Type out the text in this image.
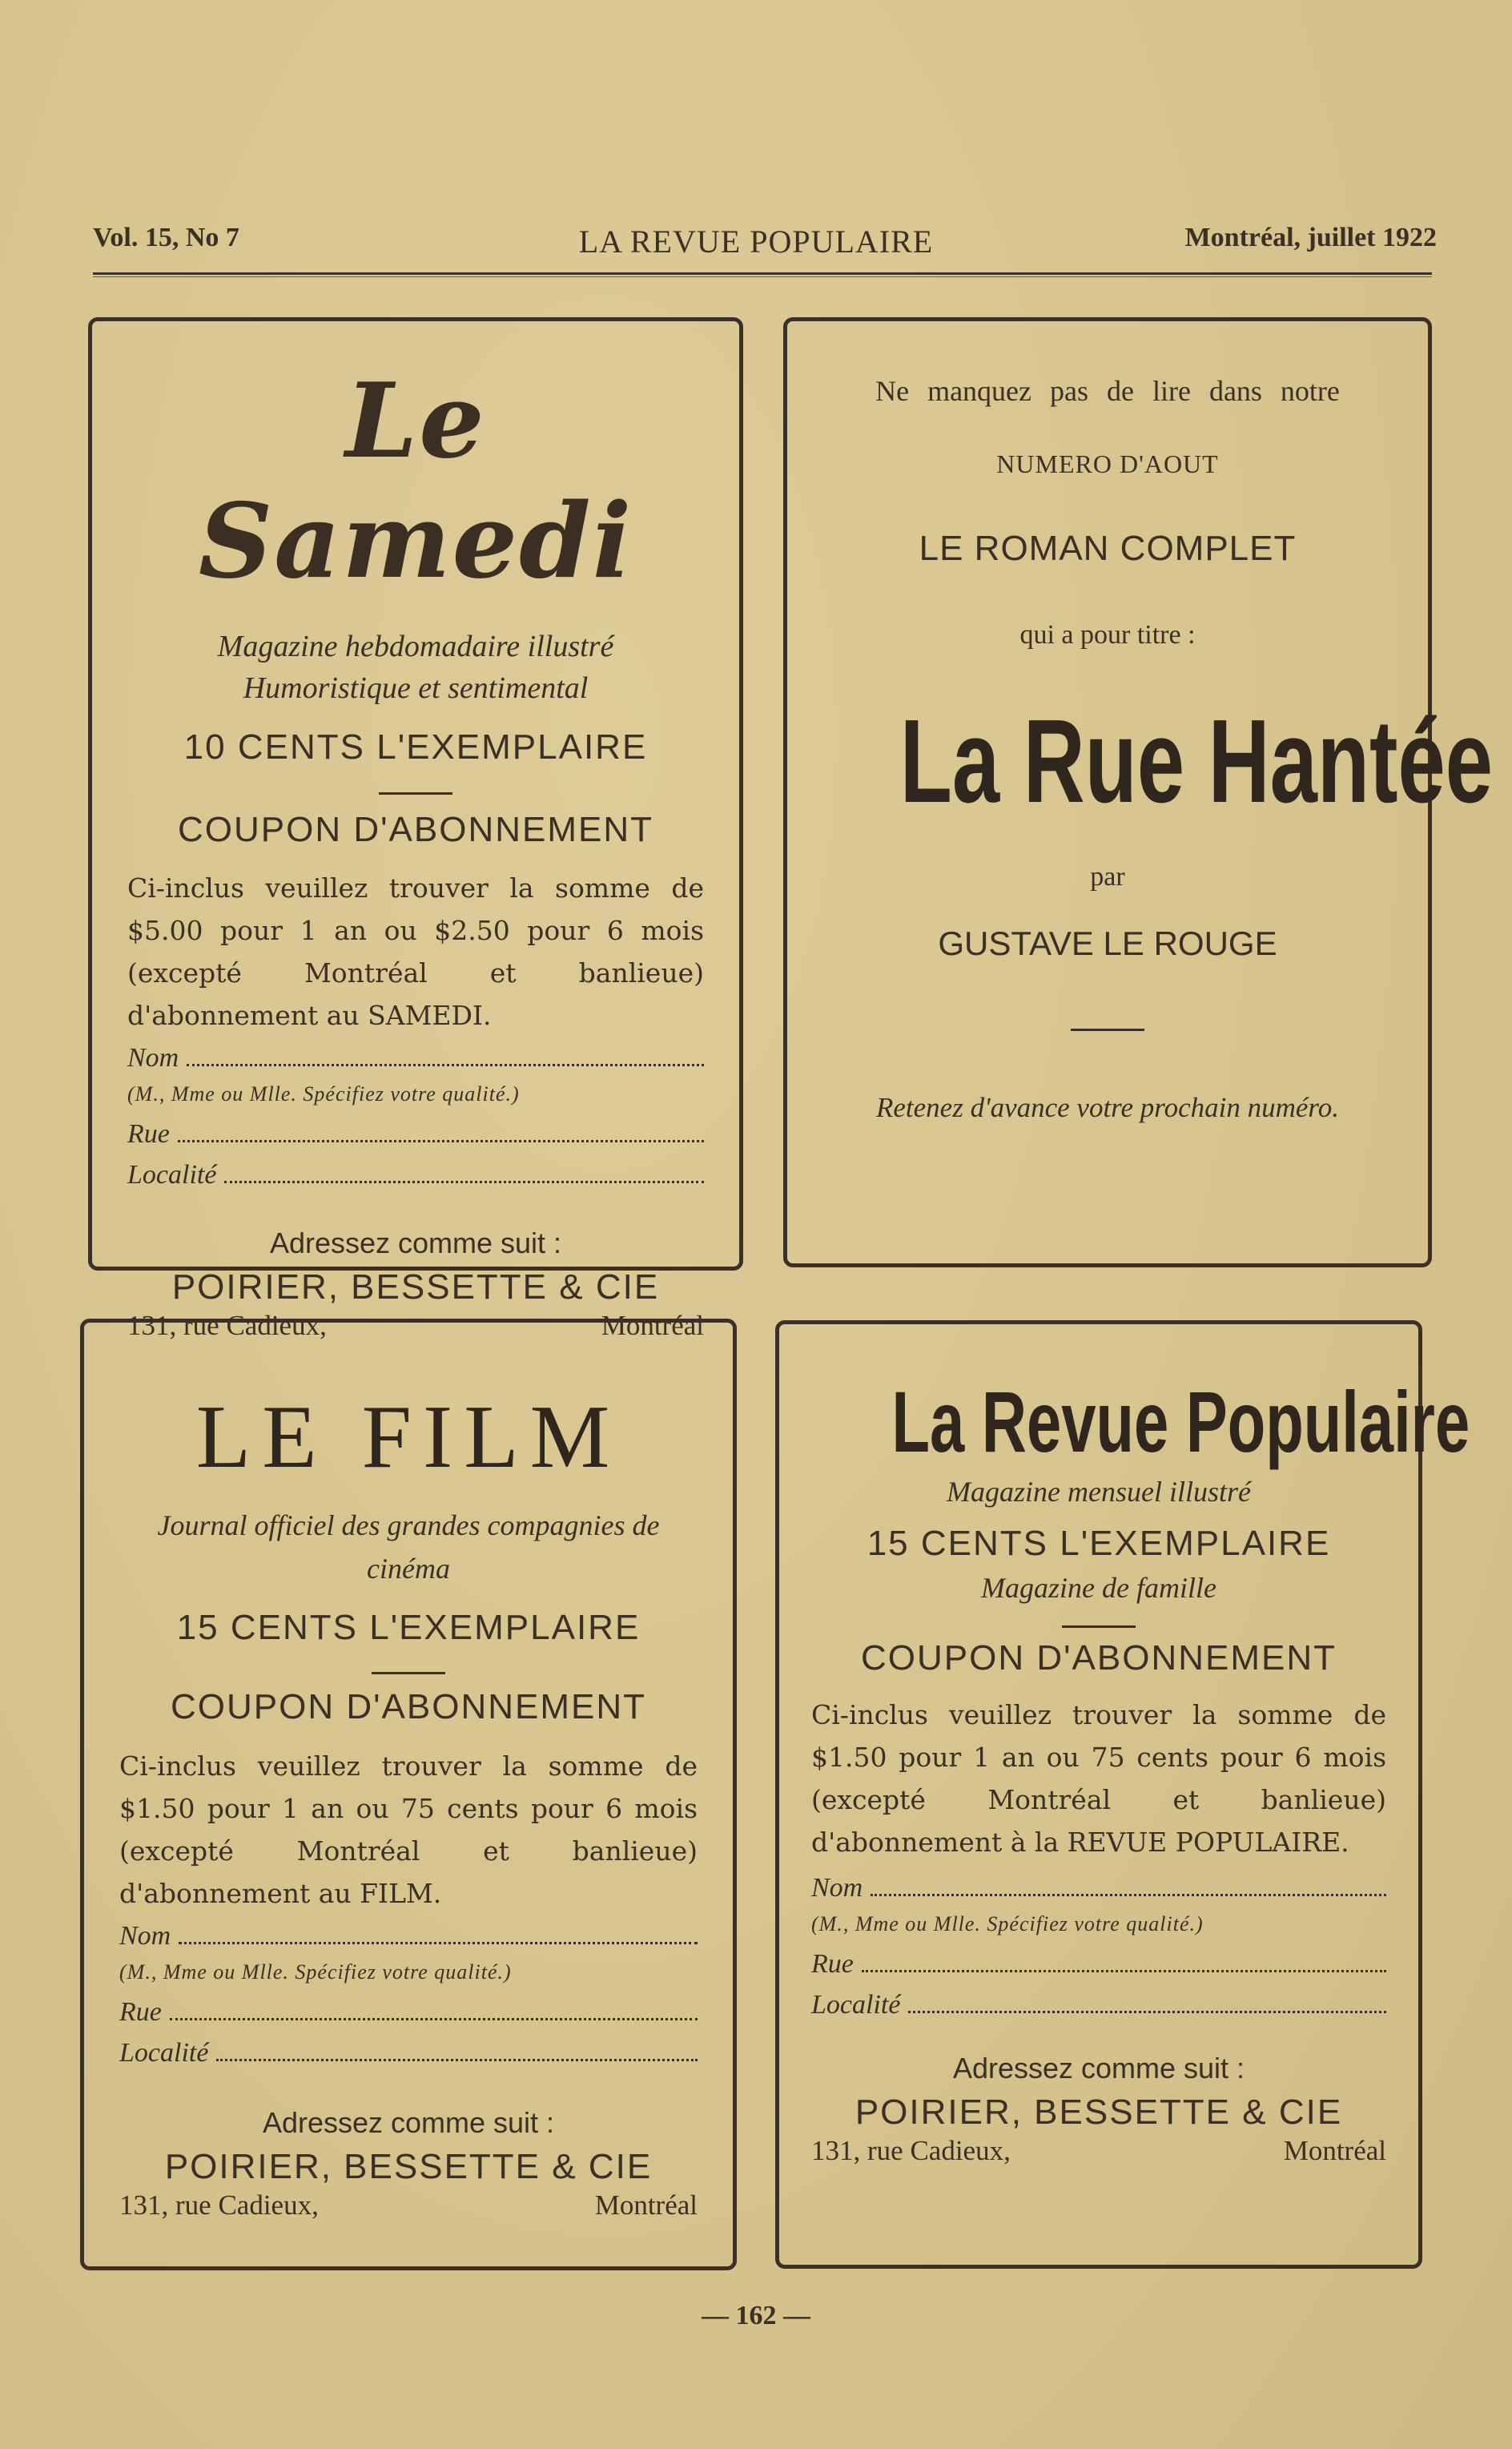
Vol. 15, No 7	LA REVUE POPULAIRE	Montréal, juillet 1922
Le Samedi
Magazine hebdomadaire illustré
Humoristique et sentimental
10 CENTS L'EXEMPLAIRE
COUPON D'ABONNEMENT
Ci-inclus veuillez trouver la somme de $5.00 pour 1 an ou $2.50 pour 6 mois (excepté Montréal et banlieue) d'abonnement au SAMEDI.
Nom
(M., Mme ou Mlle. Spécifiez votre qualité.)
Rue
Localité
Adressez comme suit :
POIRIER, BESSETTE & CIE
131, rue Cadieux,	Montréal
Ne manquez pas de lire dans notre
NUMERO D'AOUT
LE ROMAN COMPLET
qui a pour titre :
La Rue Hantée
par
GUSTAVE LE ROUGE
Retenez d'avance votre prochain numéro.
LE FILM
Journal officiel des grandes compagnies de cinéma
15 CENTS L'EXEMPLAIRE
COUPON D'ABONNEMENT
Ci-inclus veuillez trouver la somme de $1.50 pour 1 an ou 75 cents pour 6 mois (excepté Montréal et banlieue) d'abonnement au FILM.
Nom
(M., Mme ou Mlle. Spécifiez votre qualité.)
Rue
Localité
Adressez comme suit :
POIRIER, BESSETTE & CIE
131, rue Cadieux,	Montréal
La Revue Populaire
Magazine mensuel illustré
15 CENTS L'EXEMPLAIRE
Magazine de famille
COUPON D'ABONNEMENT
Ci-inclus veuillez trouver la somme de $1.50 pour 1 an ou 75 cents pour 6 mois (excepté Montréal et banlieue) d'abonnement à la REVUE POPULAIRE.
Nom
(M., Mme ou Mlle. Spécifiez votre qualité.)
Rue
Localité
Adressez comme suit :
POIRIER, BESSETTE & CIE
131, rue Cadieux,	Montréal
— 162 —
